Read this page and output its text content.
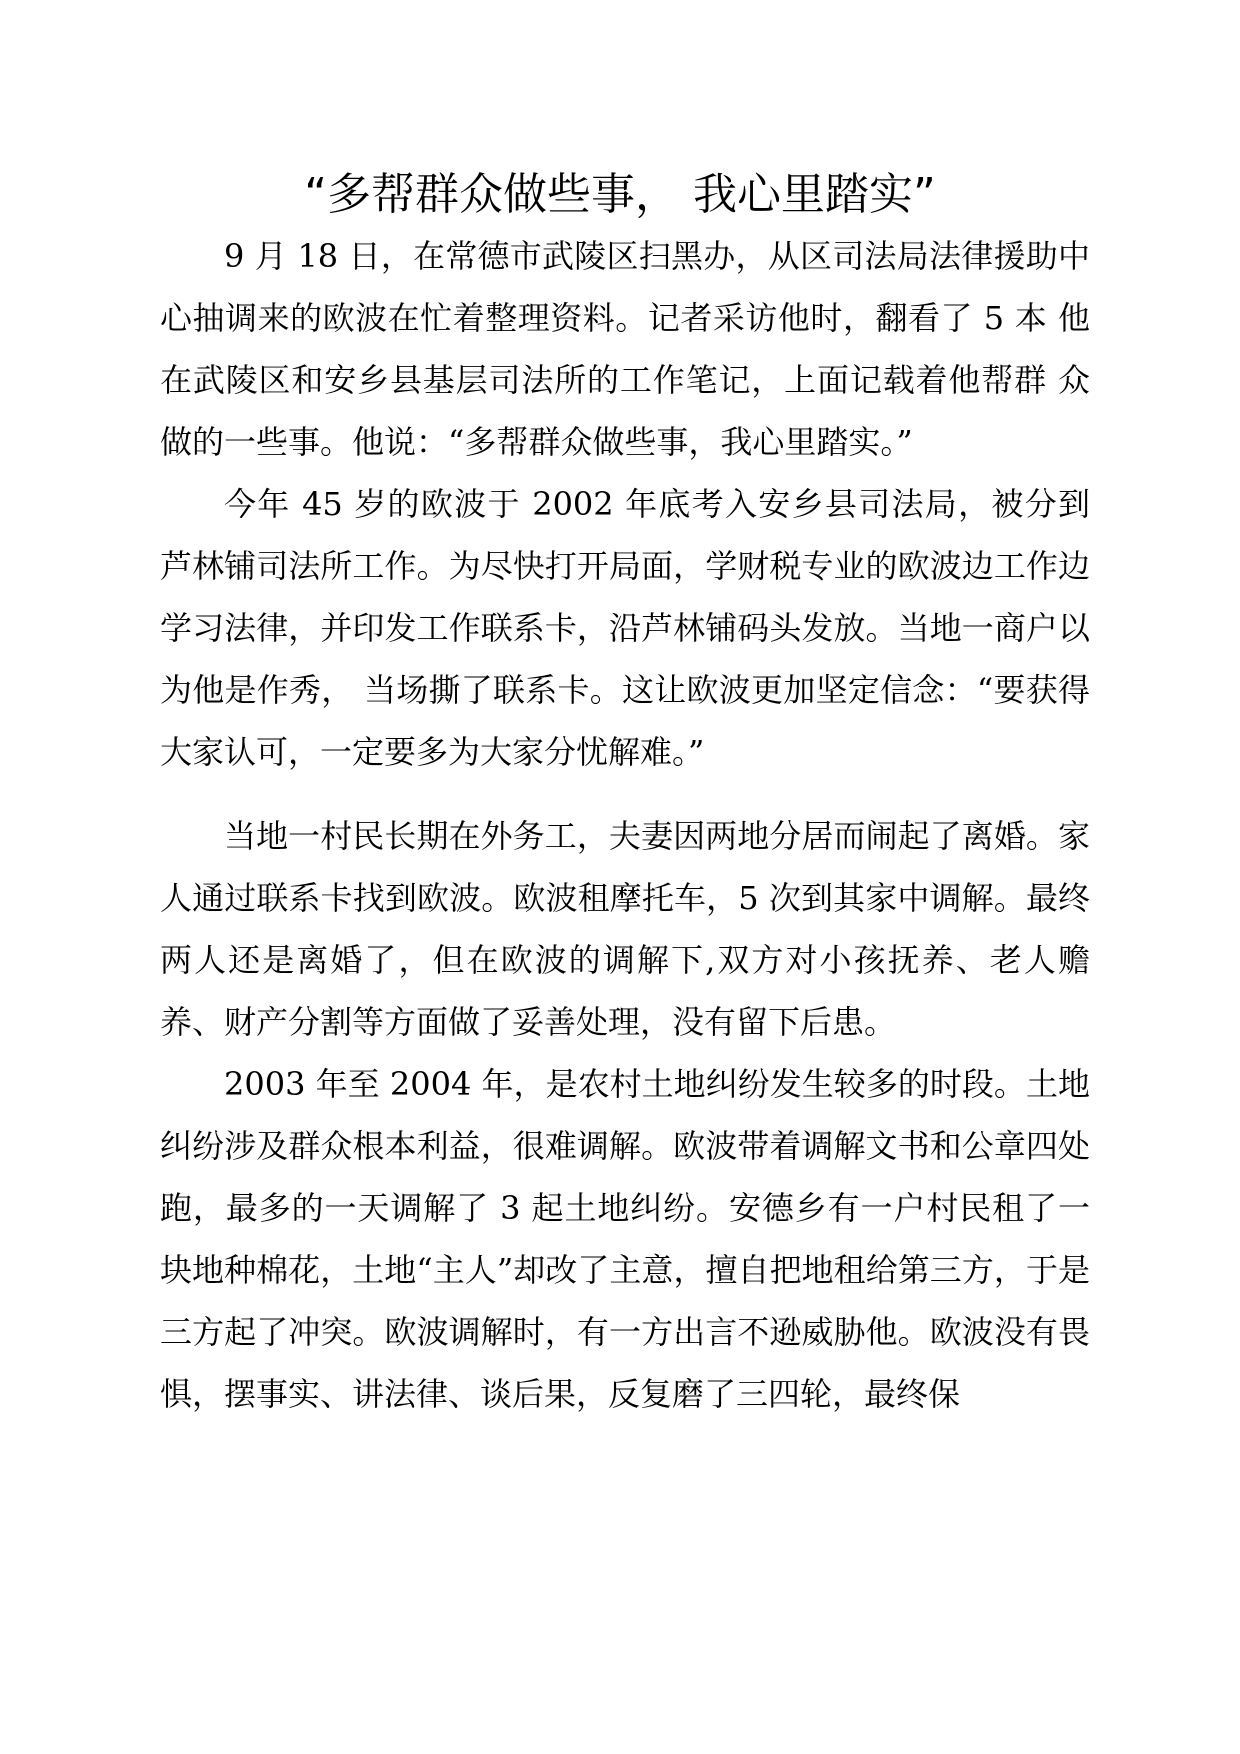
“多帮群众做些事， 我心里踏实”

9 月 18 日，在常德市武陵区扫黑办，从区司法局法律援助中心抽调来的欧波在忙着整理资料。记者采访他时，翻看了 5 本 他在武陵区和安乡县基层司法所的工作笔记，上面记载着他帮群 众做的一些事。他说：“多帮群众做些事，我心里踏实。”

今年 45 岁的欧波于 2002 年底考入安乡县司法局，被分到芦林铺司法所工作。为尽快打开局面，学财税专业的欧波边工作边学习法律，并印发工作联系卡，沿芦林铺码头发放。当地一商户以为他是作秀， 当场撕了联系卡。这让欧波更加坚定信念：“要获得大家认可，一定要多为大家分忧解难。”

当地一村民长期在外务工，夫妻因两地分居而闹起了离婚。家人通过联系卡找到欧波。欧波租摩托车，5 次到其家中调解。最终两人还是离婚了，但在欧波的调解下,双方对小孩抚养、老人赡养、财产分割等方面做了妥善处理，没有留下后患。

2003 年至 2004 年，是农村土地纠纷发生较多的时段。土地纠纷涉及群众根本利益，很难调解。欧波带着调解文书和公章四处跑，最多的一天调解了 3 起土地纠纷。安德乡有一户村民租了一块地种棉花，土地“主人”却改了主意，擅自把地租给第三方，于是三方起了冲突。欧波调解时，有一方出言不逊威胁他。欧波没有畏惧，摆事实、讲法律、谈后果，反复磨了三四轮，最终保
